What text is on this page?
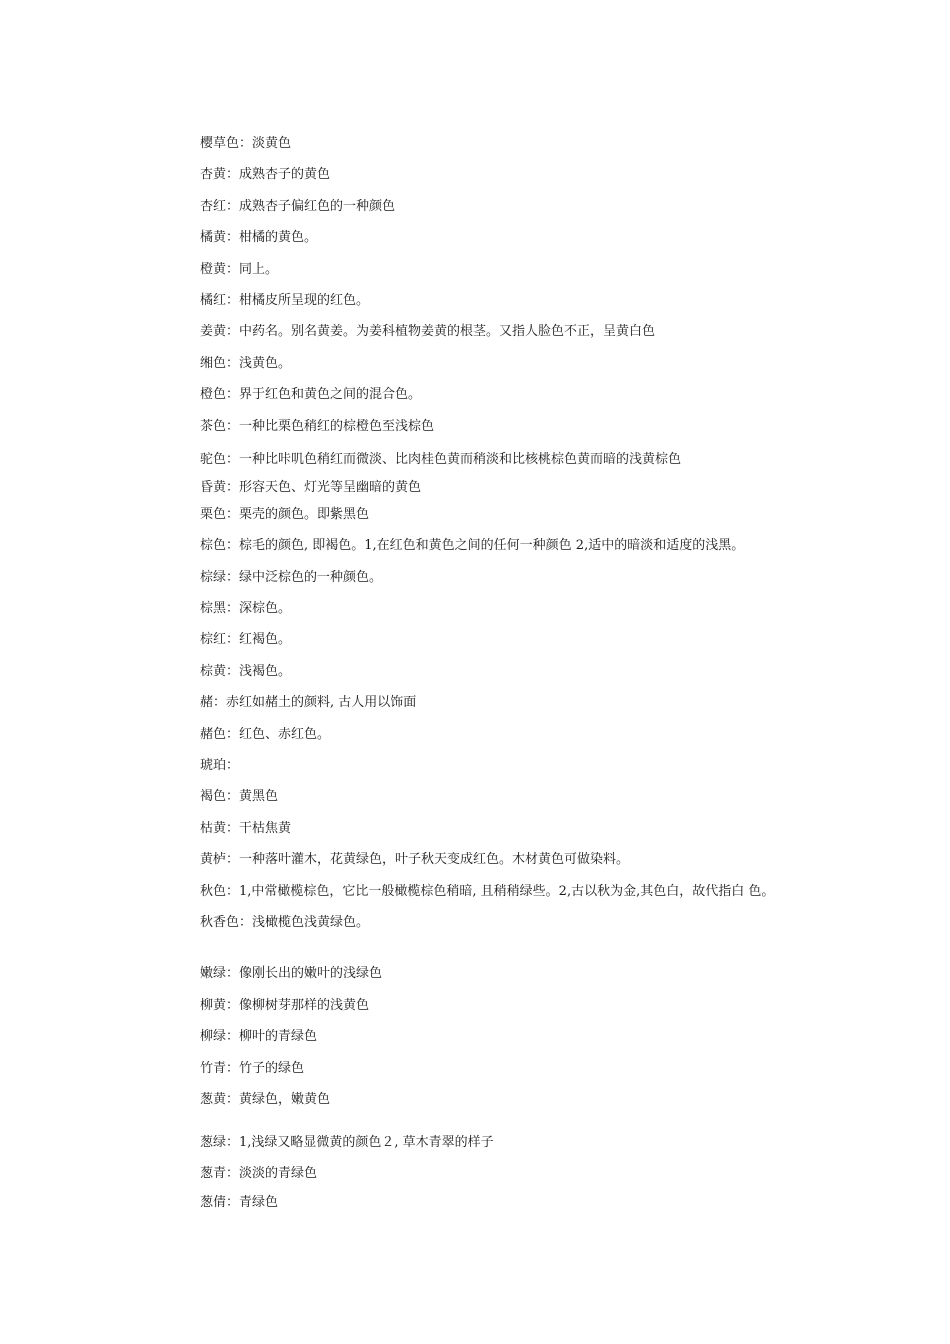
樱草色：淡黄色
杏黄：成熟杏子的黄色
杏红：成熟杏子偏红色的一种颜色
橘黄：柑橘的黄色。
橙黄：同上。
橘红：柑橘皮所呈现的红色。
姜黄：中药名。别名黄姜。为姜科植物姜黄的根茎。又指人脸色不正，呈黄白色
缃色：浅黄色。
橙色：界于红色和黄色之间的混合色。
茶色：一种比栗色稍红的棕橙色至浅棕色
驼色：一种比咔叽色稍红而微淡、比肉桂色黄而稍淡和比核桃棕色黄而暗的浅黄棕色
昏黄：形容天色、灯光等呈幽暗的黄色
栗色：栗壳的颜色。即紫黑色
棕色：棕毛的颜色, 即褐色。1,在红色和黄色之间的任何一种颜色 2,适中的暗淡和适度的浅黑。
棕绿：绿中泛棕色的一种颜色。
棕黑：深棕色。
棕红：红褐色。
棕黄：浅褐色。
赭：赤红如赭土的颜料, 古人用以饰面
赭色：红色、赤红色。
琥珀：
褐色：黄黑色
枯黄：干枯焦黄
黄栌：一种落叶灌木，花黄绿色，叶子秋天变成红色。木材黄色可做染料。
秋色：1,中常橄榄棕色，它比一般橄榄棕色稍暗, 且稍稍绿些。2,古以秋为金,其色白，故代指白 色。
秋香色：浅橄榄色浅黄绿色。
嫩绿：像刚长出的嫩叶的浅绿色
柳黄：像柳树芽那样的浅黄色
柳绿：柳叶的青绿色
竹青：竹子的绿色
葱黄：黄绿色，嫩黄色
葱绿：1,浅绿又略显微黄的颜色２, 草木青翠的样子
葱青：淡淡的青绿色
葱倩：青绿色
